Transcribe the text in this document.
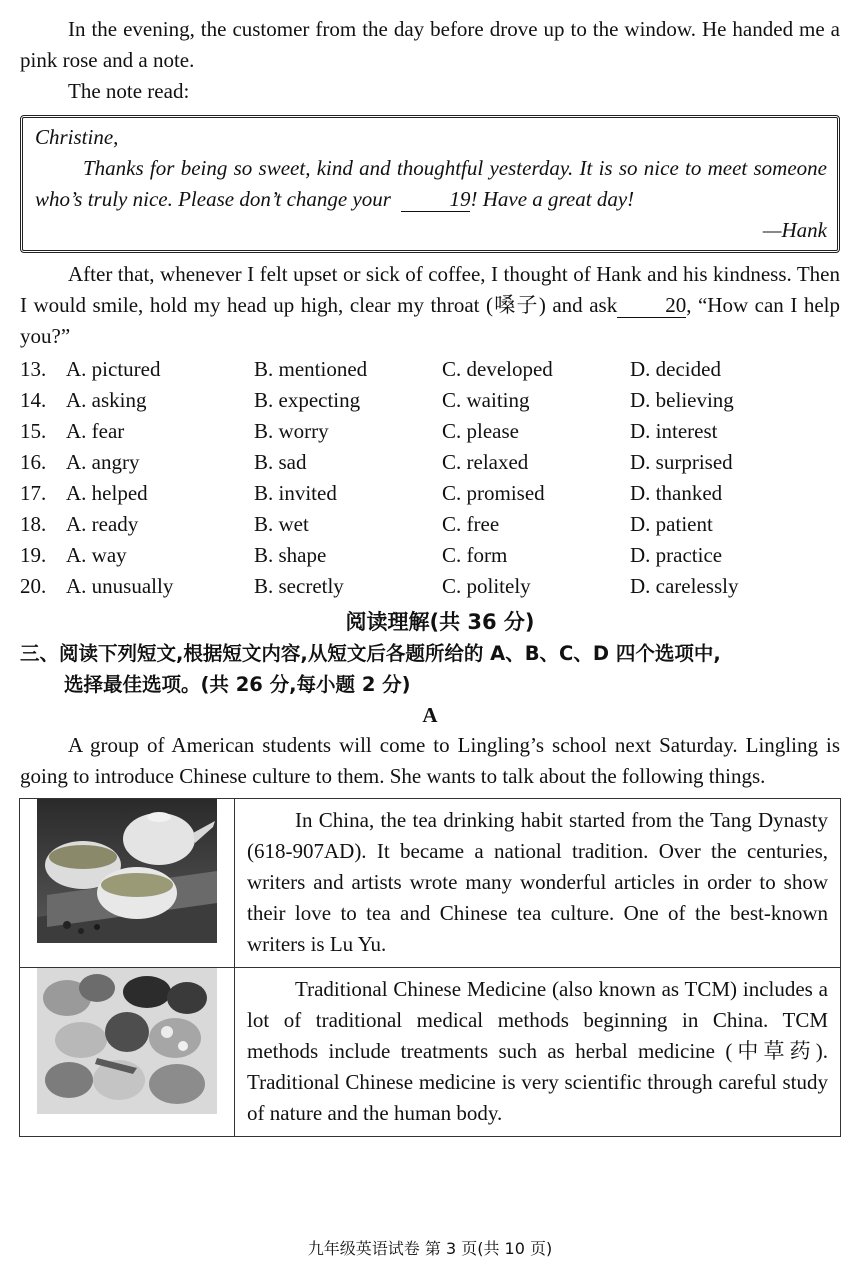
In the evening, the customer from the day before drove up to the window. He handed me a pink rose and a note.

The note read:

Christine,

Thanks for being so sweet, kind and thoughtful yesterday. It is so nice to meet someone who’s truly nice. Please don’t change your	19! Have a great day!

—Hank

After that, whenever I felt upset or sick of coffee, I thought of Hank and his kindness. Then I would smile, hold my head up high, clear my throat (嗓子) and ask 20, “How can I help you?”

13. A. pictured	B. mentioned	C. developed	D. decided
14. A. asking	B. expecting	C. waiting	D. believing
15. A. fear	B. worry	C. please	D. interest
16. A. angry	B. sad	C. relaxed	D. surprised
17. A. helped	B. invited	C. promised	D. thanked
18. A. ready	B. wet	C. free	D. patient
19. A. way	B. shape	C. form	D. practice
20. A. unusually	B. secretly	C. politely	D. carelessly
阅读理解(共 36 分)

三、阅读下列短文,根据短文内容,从短文后各题所给的 A、B、C、D 四个选项中,
选择最佳选项。(共 26 分,每小题 2 分)

A

A group of American students will come to Lingling’s school next Saturday. Lingling is going to introduce Chinese culture to them. She wants to talk about the following things.

In China, the tea drinking habit started from the Tang Dynasty (618-907AD). It became a national tradition. Over the centuries, writers and artists wrote many wonderful articles in order to show their love to tea and Chinese tea culture. One of the best-known writers is Lu Yu.

Traditional Chinese Medicine (also known as TCM) includes a lot of traditional medical methods beginning in China. TCM methods include treatments such as herbal medicine (中草药). Traditional Chinese medicine is very scientific through careful study of nature and the human body.

九年级英语试卷 第 3 页(共 10 页)
